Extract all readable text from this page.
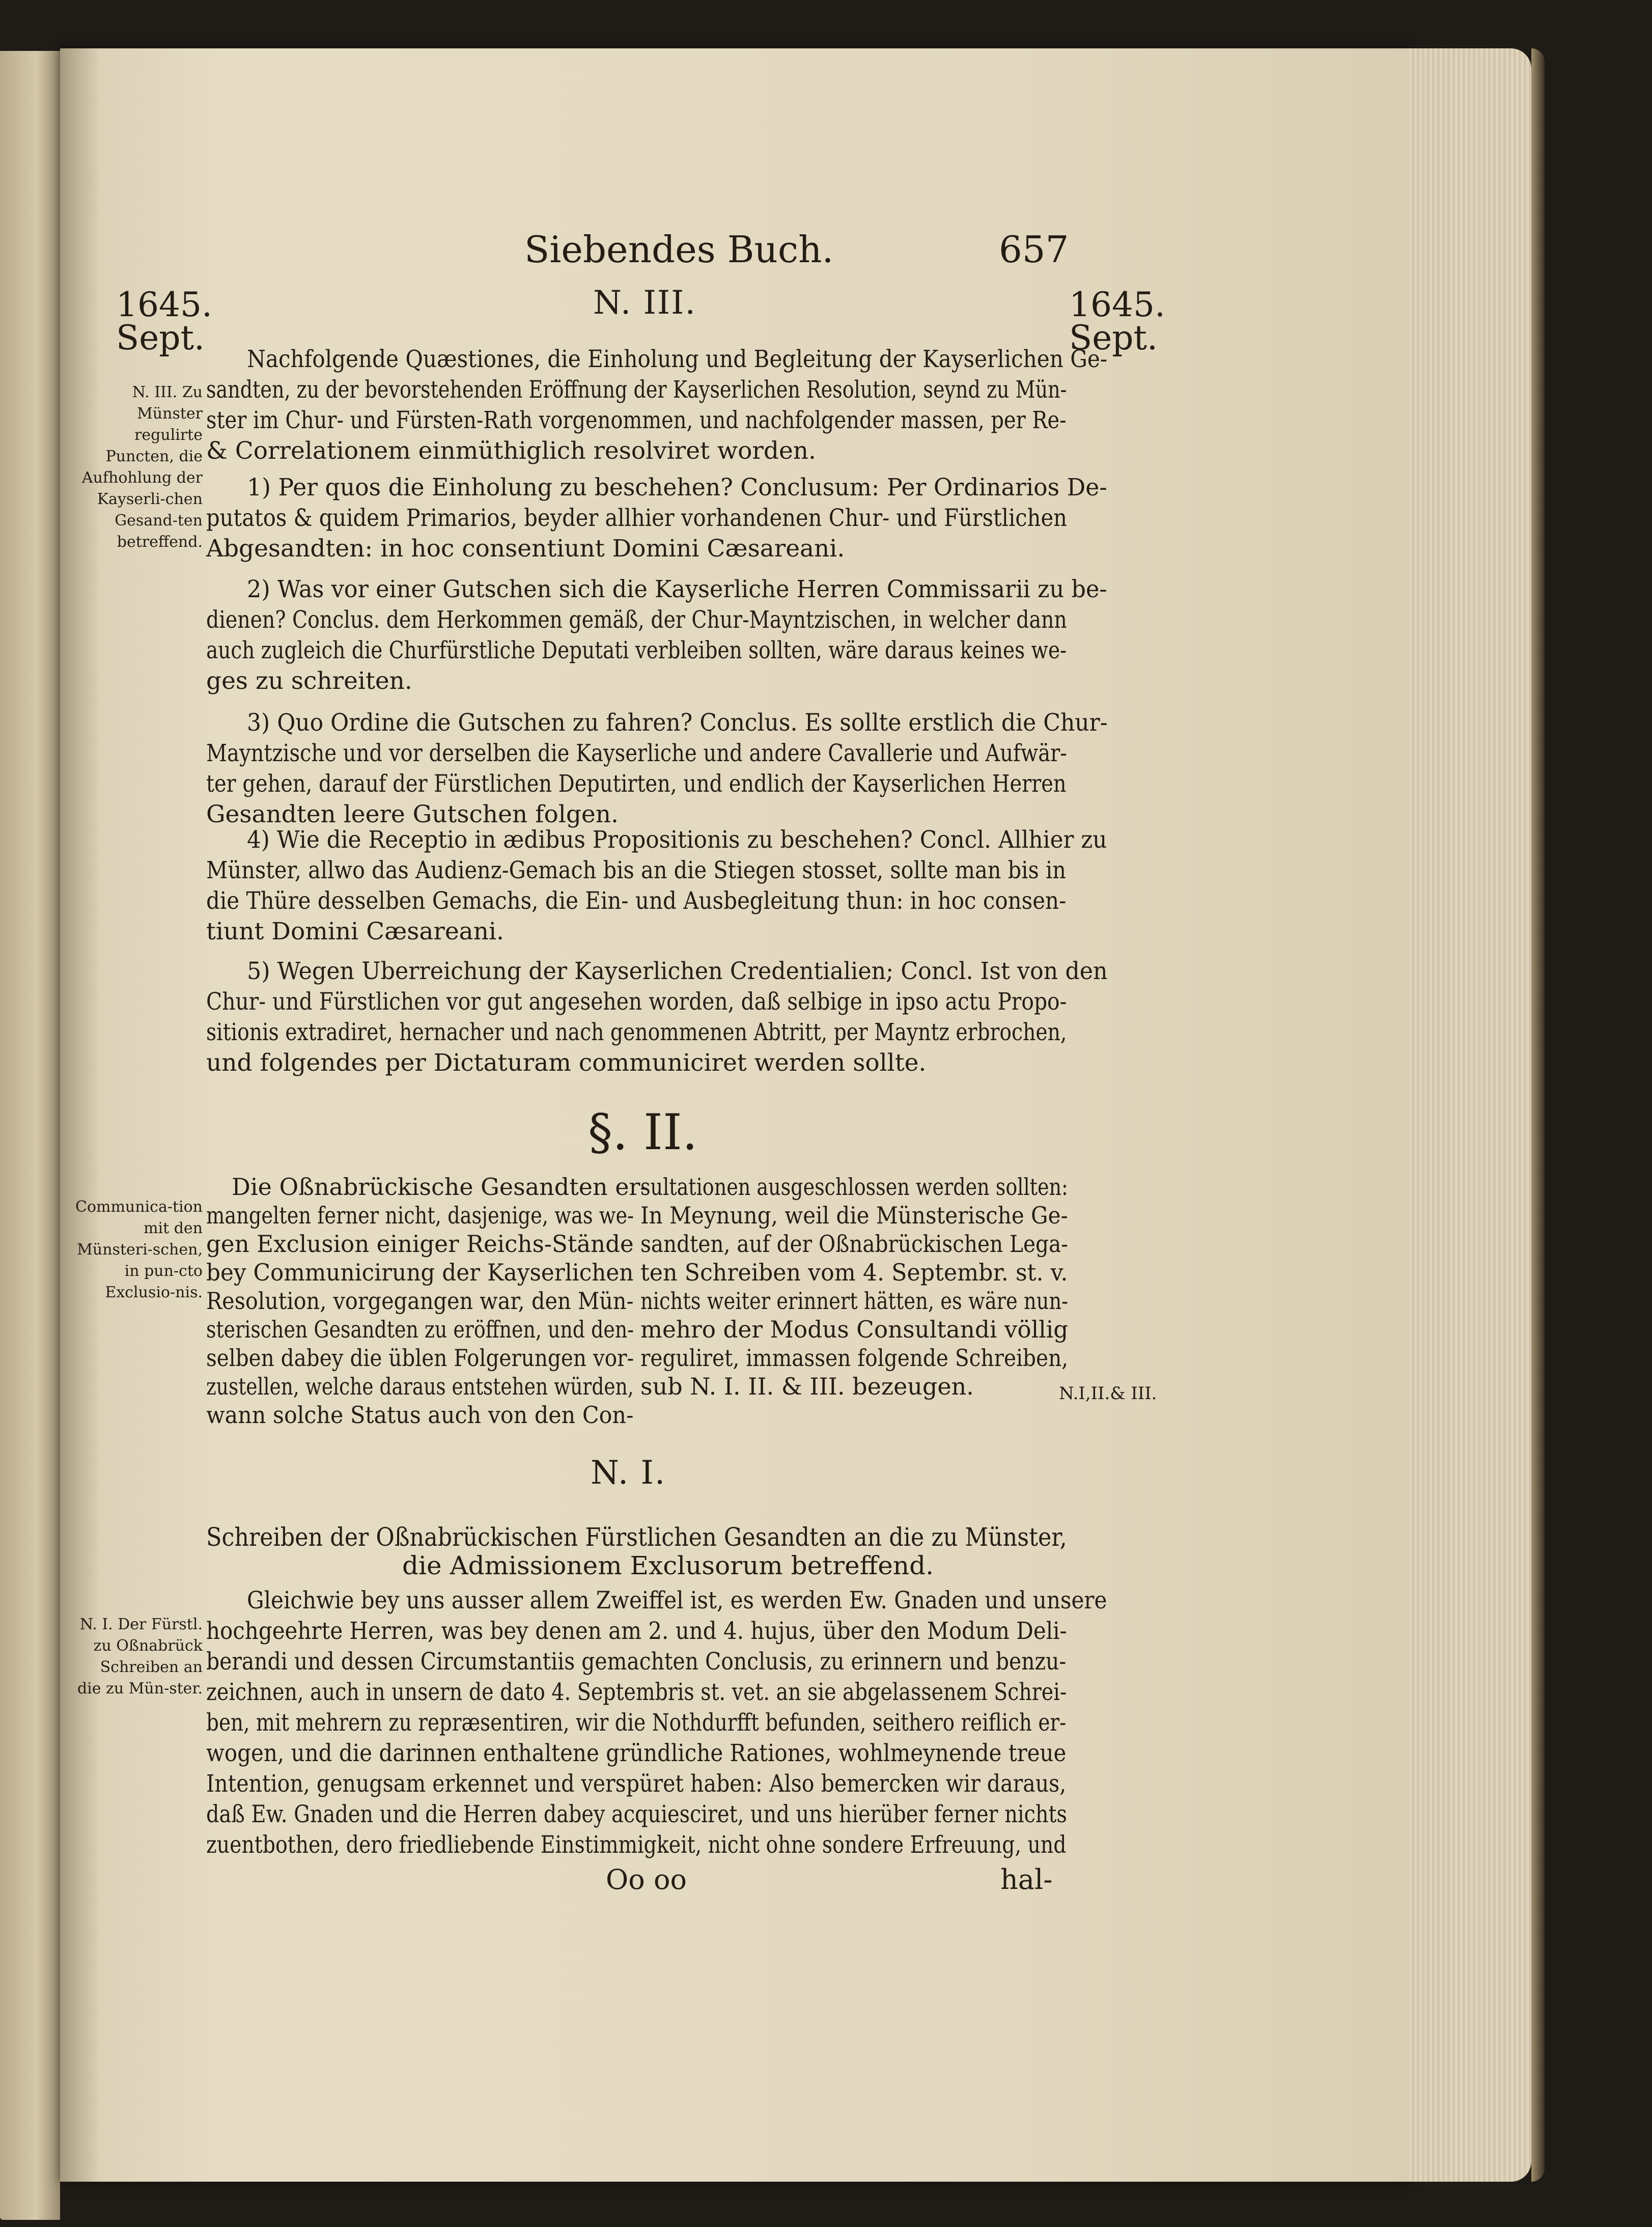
Siebendes Buch.	657
1645.
Sept.
1645.
Sept.
N. III.
Nachfolgende Quæstiones, die Einholung und Begleitung der Kayserlichen Ge-
sandten, zu der bevorstehenden Eröffnung der Kayserlichen Resolution, seynd zu Mün-
ster im Chur- und Fürsten-Rath vorgenommen, und nachfolgender massen, per Re-
& Correlationem einmüthiglich resolviret worden.
N. III. Zu Münster regulirte Puncten, die Aufhohlung der Kayserli-chen Gesand-ten betreffend.
1) Per quos die Einholung zu beschehen? Conclusum: Per Ordinarios De-
putatos & quidem Primarios, beyder allhier vorhandenen Chur- und Fürstlichen
Abgesandten: in hoc consentiunt Domini Cæsareani.
2) Was vor einer Gutschen sich die Kayserliche Herren Commissarii zu be-
dienen? Conclus. dem Herkommen gemäß, der Chur-Mayntzischen, in welcher dann
auch zugleich die Churfürstliche Deputati verbleiben sollten, wäre daraus keines we-
ges zu schreiten.
3) Quo Ordine die Gutschen zu fahren? Conclus. Es sollte erstlich die Chur-
Mayntzische und vor derselben die Kayserliche und andere Cavallerie und Aufwär-
ter gehen, darauf der Fürstlichen Deputirten, und endlich der Kayserlichen Herren
Gesandten leere Gutschen folgen.
4) Wie die Receptio in ædibus Propositionis zu beschehen? Concl. Allhier zu
Münster, allwo das Audienz-Gemach bis an die Stiegen stosset, sollte man bis in
die Thüre desselben Gemachs, die Ein- und Ausbegleitung thun: in hoc consen-
tiunt Domini Cæsareani.
5) Wegen Uberreichung der Kayserlichen Credentialien; Concl. Ist von den
Chur- und Fürstlichen vor gut angesehen worden, daß selbige in ipso actu Propo-
sitionis extradiret, hernacher und nach genommenen Abtritt, per Mayntz erbrochen,
und folgendes per Dictaturam communiciret werden sollte.
§. II.
Communica-tion mit den Münsteri-schen, in pun-cto Exclusio-nis.
N.I,II.& III.
Die Oßnabrückische Gesandten er-
mangelten ferner nicht, dasjenige, was we-
gen Exclusion einiger Reichs-Stände
bey Communicirung der Kayserlichen
Resolution, vorgegangen war, den Mün-
sterischen Gesandten zu eröffnen, und den-
selben dabey die üblen Folgerungen vor-
zustellen, welche daraus entstehen würden,
wann solche Status auch von den Con-
sultationen ausgeschlossen werden sollten:
In Meynung, weil die Münsterische Ge-
sandten, auf der Oßnabrückischen Lega-
ten Schreiben vom 4. Septembr. st. v.
nichts weiter erinnert hätten, es wäre nun-
mehro der Modus Consultandi völlig
reguliret, immassen folgende Schreiben,
sub N. I. II. & III. bezeugen.
N. I.
Schreiben der Oßnabrückischen Fürstlichen Gesandten an die zu Münster,
die Admissionem Exclusorum betreffend.
N. I. Der Fürstl. zu Oßnabrück Schreiben an die zu Mün-ster.
Gleichwie bey uns ausser allem Zweiffel ist, es werden Ew. Gnaden und unsere
hochgeehrte Herren, was bey denen am 2. und 4. hujus, über den Modum Deli-
berandi und dessen Circumstantiis gemachten Conclusis, zu erinnern und benzu-
zeichnen, auch in unsern de dato 4. Septembris st. vet. an sie abgelassenem Schrei-
ben, mit mehrern zu repræsentiren, wir die Nothdurfft befunden, seithero reiflich er-
wogen, und die darinnen enthaltene gründliche Rationes, wohlmeynende treue
Intention, genugsam erkennet und verspüret haben: Also bemercken wir daraus,
daß Ew. Gnaden und die Herren dabey acquiesciret, und uns hierüber ferner nichts
zuentbothen, dero friedliebende Einstimmigkeit, nicht ohne sondere Erfreuung, und
Oo oo	hal-
